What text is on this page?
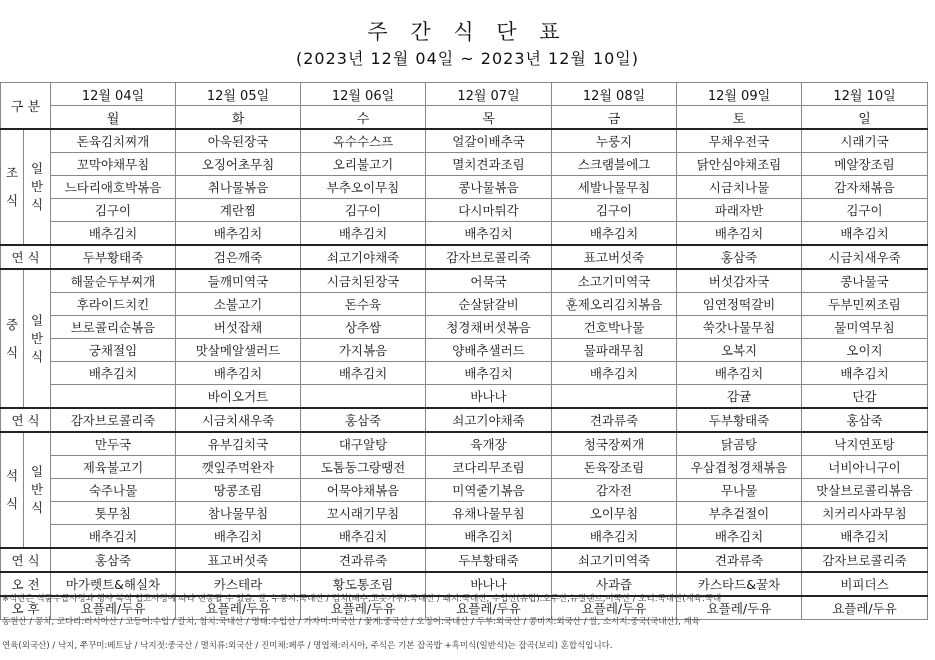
주 간 식 단 표
(2023년 12월 04일 ~ 2023년 12월 10일)
구 분		12월 04일	12월 05일	12월 06일	12월 07일	12월 08일	12월 09일	12월 10일
		월	화	수	목	금	토	일
조
식	일
반
식	돈육김치찌개	아욱된장국	옥수수스프	얼갈이배추국	누룽지	무채우전국	시래기국
		꼬막야채무침	오징어초무침	오리불고기	멸치견과조림	스크램블에그	닭안심야채조림	메알장조림
		느타리애호박볶음	취나물볶음	부추오이무침	콩나물볶음	세발나물무침	시금치나물	감자채볶음
		김구이	계란찜	김구이	다시마튀각	김구이	파래자반	김구이
		배추김치	배추김치	배추김치	배추김치	배추김치	배추김치	배추김치
연 식		두부황태죽	검은깨죽	쇠고기야채죽	감자브로콜리죽	표고버섯죽	홍삼죽	시금치새우죽
중
식	일
반
식	해물순두부찌개	들깨미역국	시금치된장국	어묵국	소고기미역국	버섯감자국	콩나물국
		후라이드치킨	소불고기	돈수육	순살닭갈비	훈제오리김치볶음	임연정떡갈비	두부민찌조림
		브로콜리순볶음	버섯잡채	상추쌈	청경채버섯볶음	건호박나물	쑥갓나물무침	물미역무침
		궁채절임	맛살메알샐러드	가지볶음	양배추샐러드	물파래무침	오복지	오이지
		배추김치	배추김치	배추김치	배추김치	배추김치	배추김치	배추김치
			바이오거트		바나나		감귤	단감
연 식		감자브로콜리죽	시금치새우죽	홍삼죽	쇠고기야채죽	견과류죽	두부황태죽	홍삼죽
석
식	일
반
식	만두국	유부김치국	대구알탕	육개장	청국장찌개	닭곰탕	낙지연포탕
		제육불고기	깻잎주먹완자	도톰동그랑땡전	코다리무조림	돈육장조림	우삼겹청경채볶음	너비아니구이
		숙주나물	땅콩조림	어묵야채볶음	미역줄기볶음	감자전	무나물	맛살브로콜리볶음
		톳무침	참나물무침	꼬시래기무침	유채나물무침	오이무침	부추겉절이	치커리사과무침
		배추김치	배추김치	배추김치	배추김치	배추김치	배추김치	배추김치
연 식		홍삼죽	표고버섯죽	견과류죽	두부황태죽	쇠고기미역죽	견과류죽	감자브로콜리죽
오 전		마가렛트&해실차	카스테라	황도통조림	바나나	사과즙	카스타드&꿀차	비피더스
오 후		요플레/두유	요플레/두유	요플레/두유	요플레/두유	요플레/두유	요플레/두유	요플레/두유
※식단은 식품수급사정과 행사 복식 입고사정에 따라 변동될 수 있음. 쌀, 누룽지:국내산 / 김치(배추,고춧가루):국내산 / 돼지:국내산, 수입산(유럽):호주산,뉴질랜드,미국산 / 오리:국내산(계육:국내
동원산 / 꽁치, 코다리:러시아산 / 고등어:수입 / 갈치, 참치:국내산 / 명태:수입산 / 가자미:미국산 / 꽃게:중국산 / 오징어:국내산 / 두부:외국산 / 콩비지:외국산 / 쌀, 소시지:중국(국내산), 계육
연육(외국산) / 낙지, 쭈꾸미:베트남 / 낙지젓:중국산 / 멸치류:외국산 / 진미채:페루 / 명엽채:러시아, 주식은 기본 잡곡밥 +흑미식(일반식)는 잡곡(보리) 혼합식입니다.
